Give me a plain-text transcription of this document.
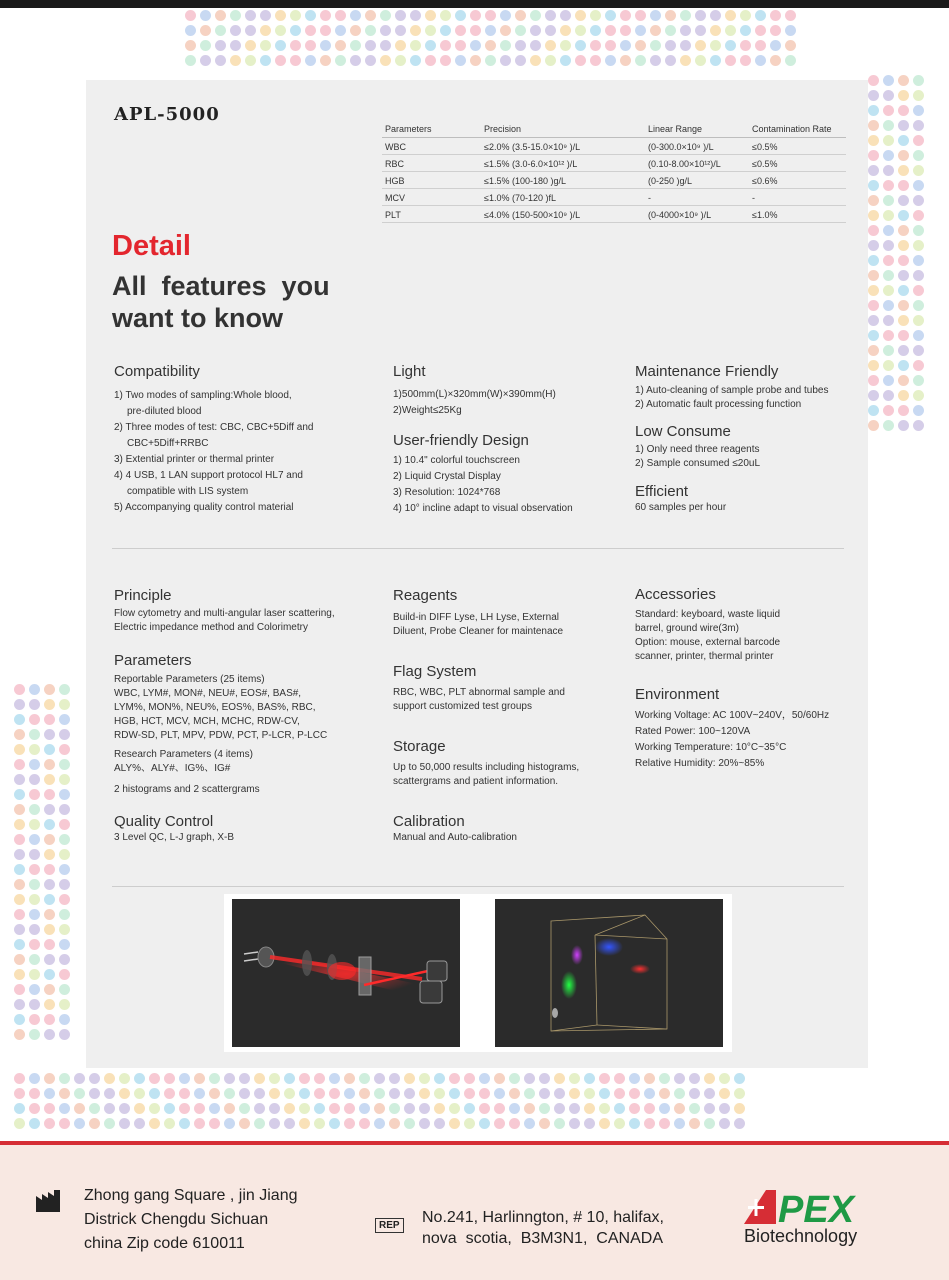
APL-5000
Parameters	Precision	Linear Range	Contamination Rate
WBC	≤2.0% (3.5-15.0×10⁹ )/L	(0-300.0×10⁹ )/L	≤0.5%
RBC	≤1.5% (3.0-6.0×10¹² )/L	(0.10-8.00×10¹²)/L	≤0.5%
HGB	≤1.5% (100-180 )g/L	(0-250 )g/L	≤0.6%
MCV	≤1.0% (70-120 )fL	-	-
PLT	≤4.0% (150-500×10⁹ )/L	(0-4000×10⁹ )/L	≤1.0%
Detail
All  features  you
want to know
Compatibility

1) Two modes of sampling:Whole blood,

pre-diluted blood

2) Three modes of test: CBC, CBC+5Diff and

CBC+5Diff+RRBC

3) Extential printer or thermal printer

4) 4 USB, 1 LAN support protocol HL7 and

compatible with LIS system

5) Accompanying quality control material

Light

1)500mm(L)×320mm(W)×390mm(H)

2)Weight≤25Kg

User-friendly Design

1) 10.4" colorful touchscreen

2) Liquid Crystal Display

3) Resolution: 1024*768

4) 10° incline adapt to visual observation

Maintenance Friendly

1) Auto-cleaning of sample probe and tubes

2) Automatic fault processing function

Low Consume

1) Only need three reagents

2) Sample consumed ≤20uL

Efficient

60 samples per hour

Principle

Flow cytometry and multi-angular laser scattering,

Electric impedance method and Colorimetry

Parameters

Reportable Parameters (25 items)

WBC, LYM#, MON#, NEU#, EOS#, BAS#,

LYM%, MON%, NEU%, EOS%, BAS%, RBC,

HGB, HCT, MCV, MCH, MCHC, RDW-CV,

RDW-SD, PLT, MPV, PDW, PCT, P-LCR, P-LCC

Research Parameters (4 items)

ALY%、ALY#、IG%、IG#

2 histograms and 2 scattergrams

Quality Control

3 Level QC, L-J graph, X-B

Reagents

Build-in DIFF Lyse, LH Lyse, External

Diluent, Probe Cleaner for maintenace

Flag System

RBC, WBC, PLT abnormal sample and

support customized test groups

Storage

Up to 50,000 results including histograms,

scattergrams and patient information.

Calibration

Manual and Auto-calibration

Accessories

Standard: keyboard, waste liquid

barrel, ground wire(3m)

Option: mouse, external barcode

scanner, printer, thermal printer

Environment

Working Voltage: AC 100V~240V，50/60Hz

Rated Power: 100~120VA

Working Temperature: 10°C~35°C

Relative Humidity: 20%~85%

Zhong gang Square , jin Jiang
Districk Chengdu Sichuan
china Zip code 610011
REP No.241, Harlinngton, # 10, halifax,
nova  scotia,  B3M3N1,  CANADA
PEX
Biotechnology
